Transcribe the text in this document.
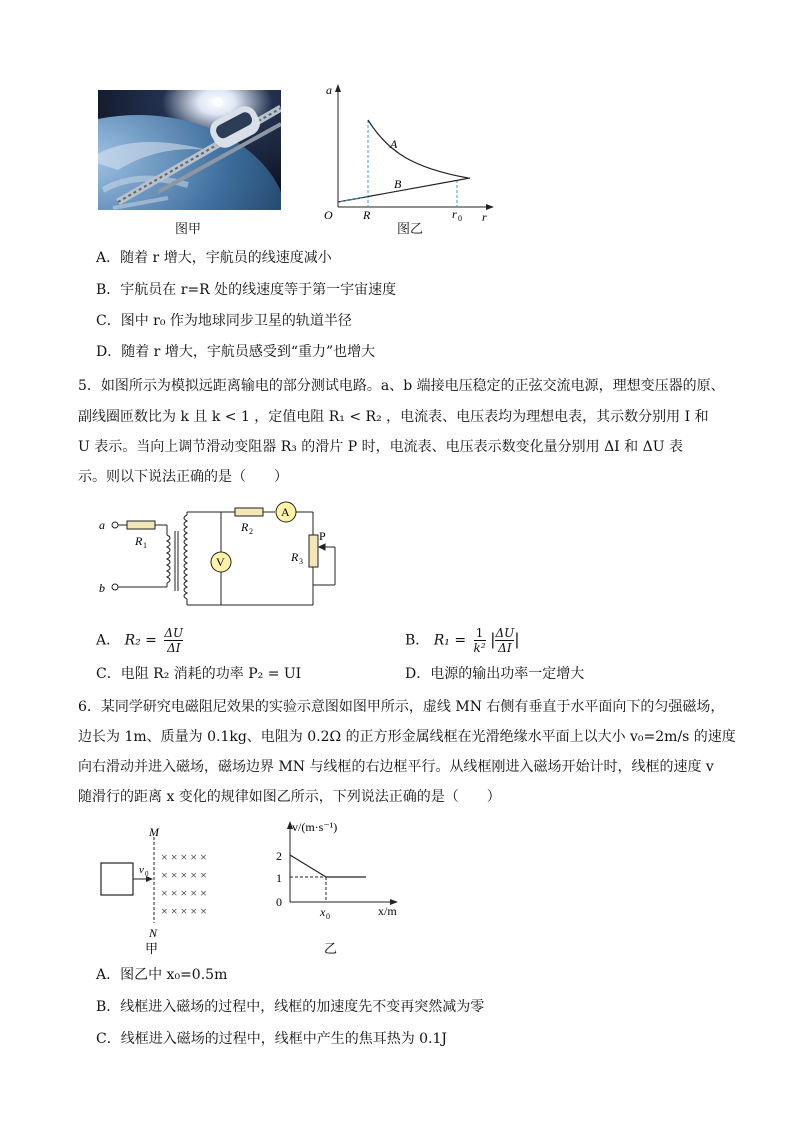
图甲
a
r
O	R	r 0
A
B
图乙
A．随着 r 增大，宇航员的线速度减小
B．宇航员在 r=R 处的线速度等于第一宇宙速度
C．图中 r₀ 作为地球同步卫星的轨道半径
D．随着 r 增大，宇航员感受到“重力”也增大
5．如图所示为模拟远距离输电的部分测试电路。a、b 端接电压稳定的正弦交流电源，理想变压器的原、
副线圈匝数比为 k 且 k < 1 ，定值电阻 R₁ < R₂ ，电流表、电压表均为理想电表，其示数分别用 I 和
U 表示。当向上调节滑动变阻器 R₃ 的滑片 P 时，电流表、电压表示数变化量分别用 ΔI 和 ΔU 表
示。则以下说法正确的是（　　）
a
b
R 1
R 2
R 3
A
V
P
A． $R_2 = \frac{\Delta U}{\Delta I}$	B． $R_1 = \frac{1}{\text{k²}}$ | $\frac{\Delta U}{\Delta I}$ |
C．电阻 R₂ 消耗的功率 P₂ = UI	D．电源的输出功率一定增大
6．某同学研究电磁阻尼效果的实验示意图如图甲所示，虚线 MN 右侧有垂直于水平面向下的匀强磁场，
边长为 1m、质量为 0.1kg、电阻为 0.2Ω 的正方形金属线框在光滑绝缘水平面上以大小 v₀=2m/s 的速度
向右滑动并进入磁场，磁场边界 MN 与线框的右边框平行。从线框刚进入磁场开始计时，线框的速度 v
随滑行的距离 x 变化的规律如图乙所示，下列说法正确的是（　　）
× × × × ×
× × × × ×
× × × × ×
× × × × ×
M
N
v 0
甲
v/(m·s⁻¹)
x/m
2
1
0
x 0
乙
A．图乙中 x₀=0.5m
B．线框进入磁场的过程中，线框的加速度先不变再突然减为零
C．线框进入磁场的过程中，线框中产生的焦耳热为 0.1J
